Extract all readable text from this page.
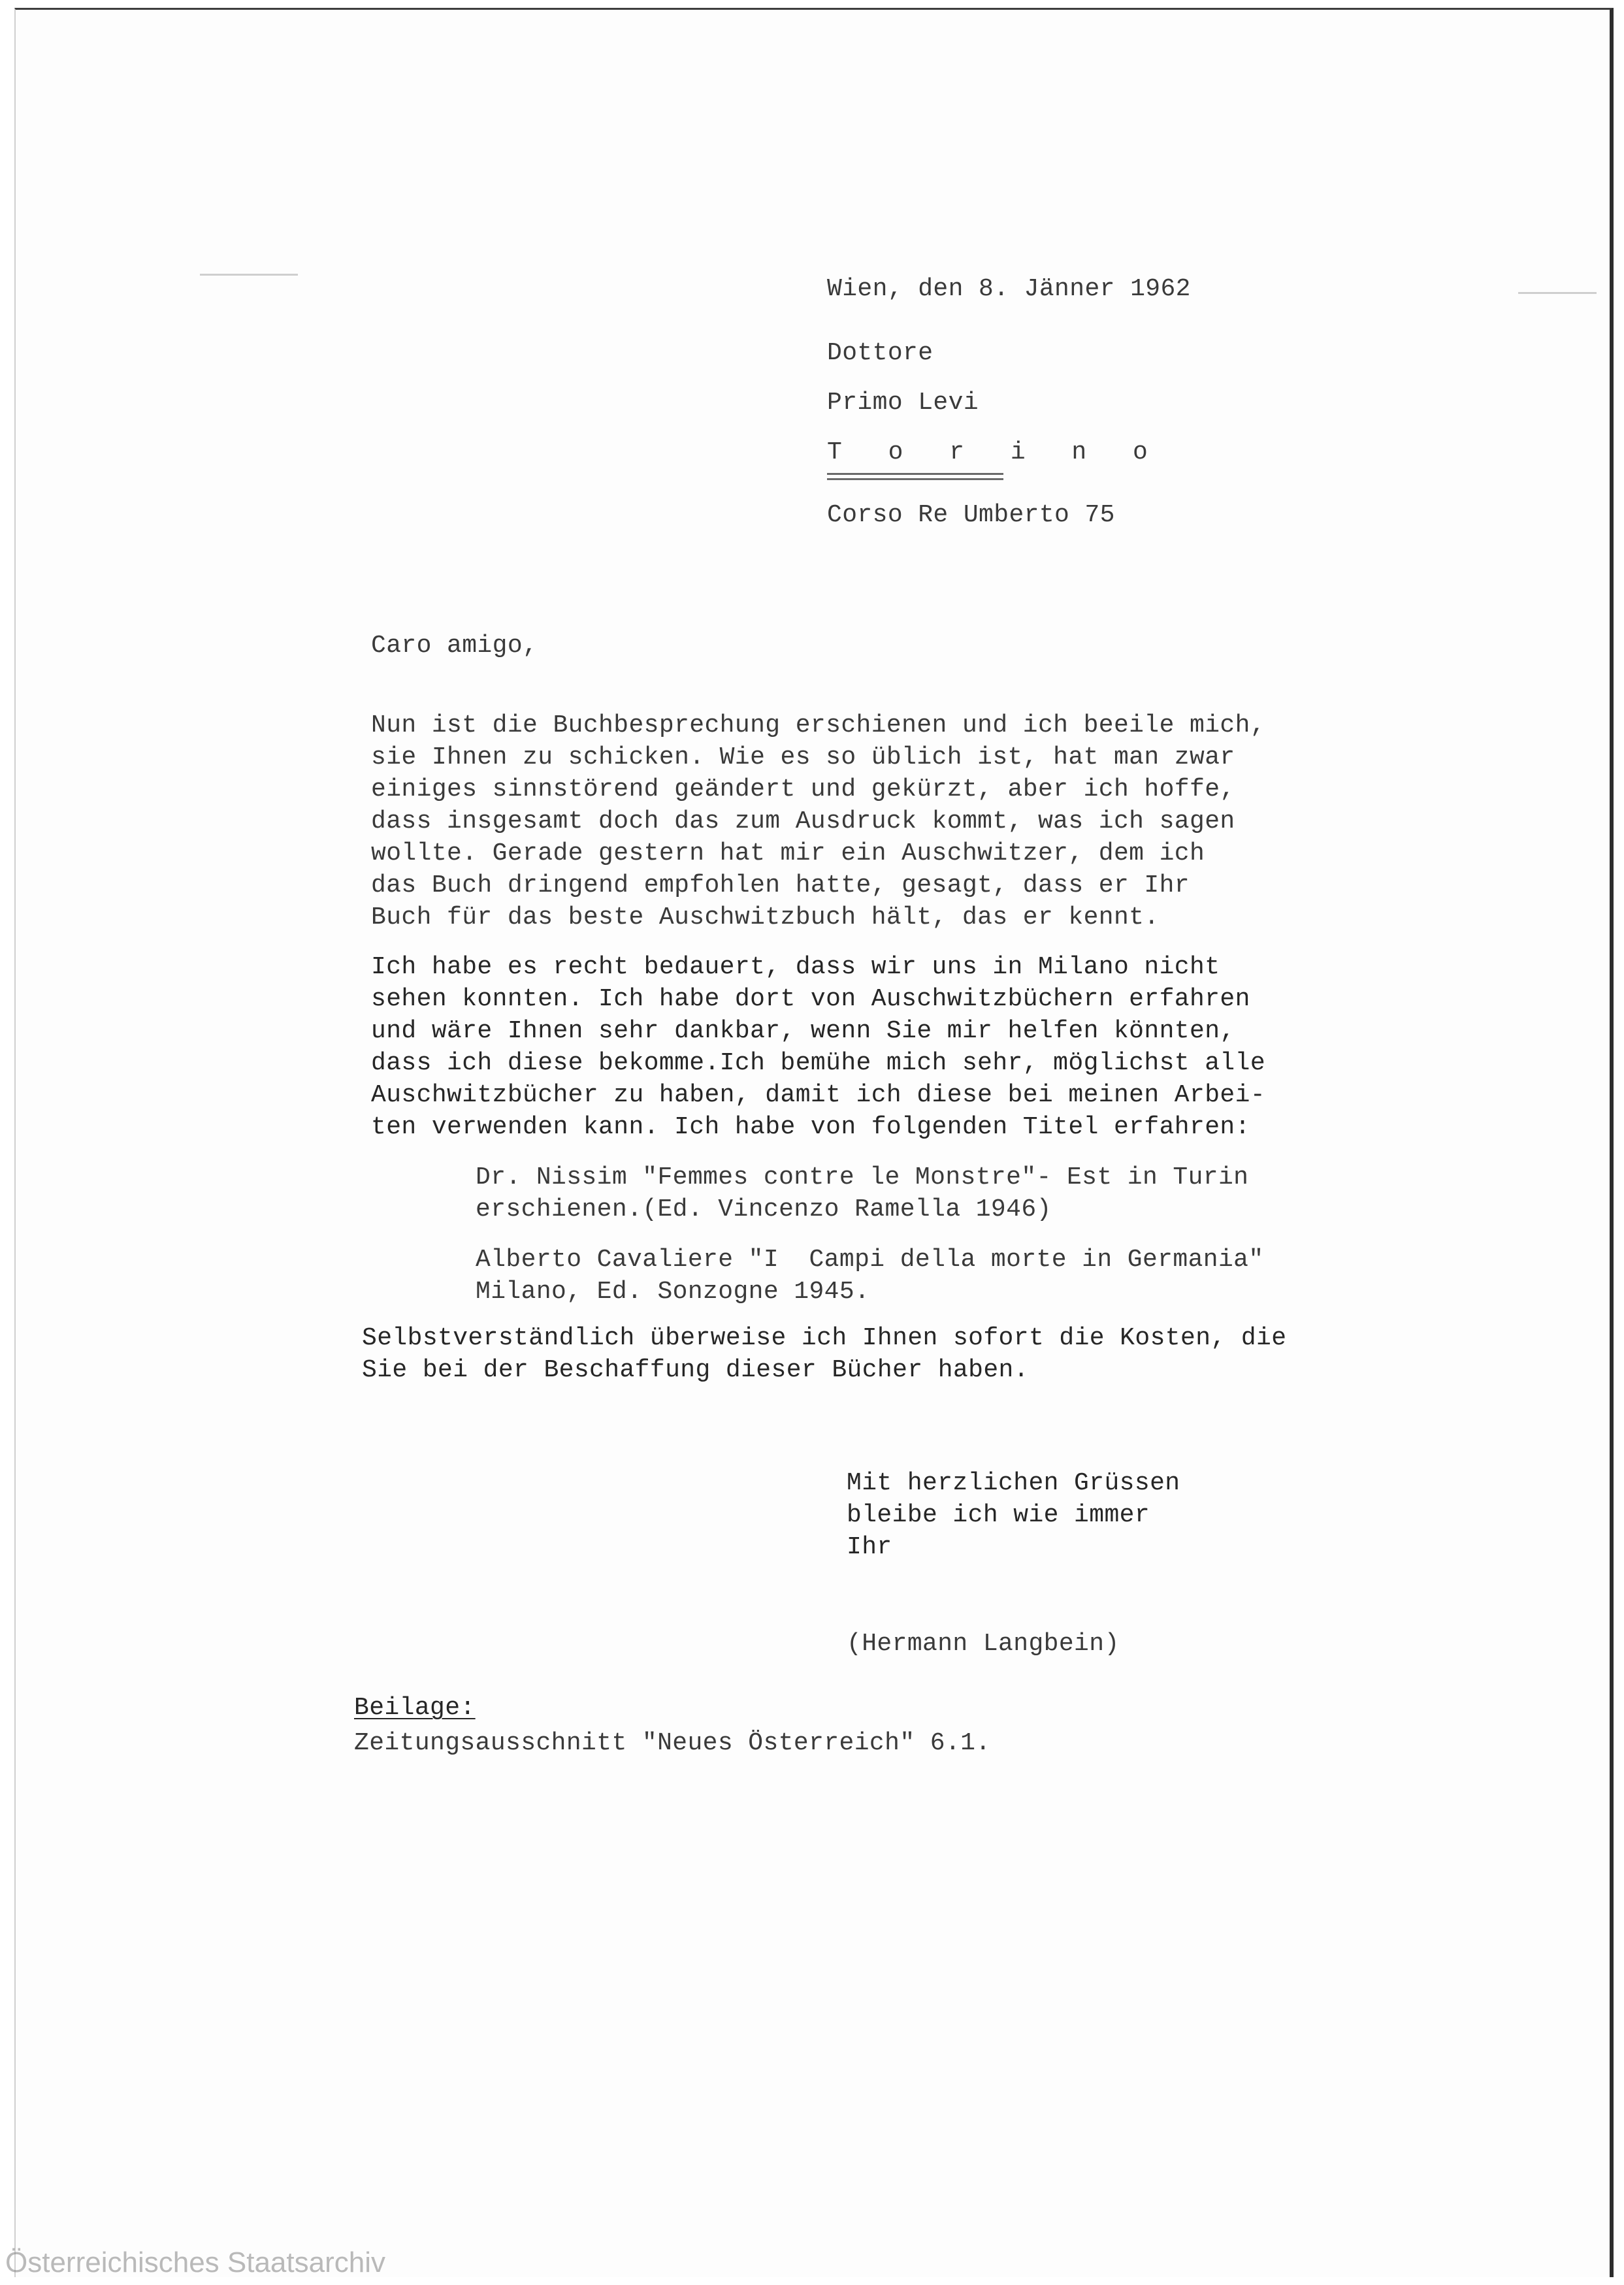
Wien, den 8. Jänner 1962

Dottore

Primo Levi

T o r i n o

Corso Re Umberto 75

Caro amigo,

Nun ist die Buchbesprechung erschienen und ich beeile mich,

sie Ihnen zu schicken. Wie es so üblich ist, hat man zwar

einiges sinnstörend geändert und gekürzt, aber ich hoffe,

dass insgesamt doch das zum Ausdruck kommt, was ich sagen

wollte. Gerade gestern hat mir ein Auschwitzer, dem ich

das Buch dringend empfohlen hatte, gesagt, dass er Ihr

Buch für das beste Auschwitzbuch hält, das er kennt.

Ich habe es recht bedauert, dass wir uns in Milano nicht

sehen konnten. Ich habe dort von Auschwitzbüchern erfahren

und wäre Ihnen sehr dankbar, wenn Sie mir helfen könnten,

dass ich diese bekomme.Ich bemühe mich sehr, möglichst alle

Auschwitzbücher zu haben, damit ich diese bei meinen Arbei-

ten verwenden kann. Ich habe von folgenden Titel erfahren:

Dr. Nissim "Femmes contre le Monstre"- Est in Turin

erschienen.(Ed. Vincenzo Ramella 1946)

Alberto Cavaliere "I  Campi della morte in Germania"

Milano, Ed. Sonzogne 1945.

Selbstverständlich überweise ich Ihnen sofort die Kosten, die

Sie bei der Beschaffung dieser Bücher haben.

Mit herzlichen Grüssen

bleibe ich wie immer

Ihr

(Hermann Langbein)

Beilage:

Zeitungsausschnitt "Neues Österreich" 6.1.

Österreichisches Staatsarchiv
